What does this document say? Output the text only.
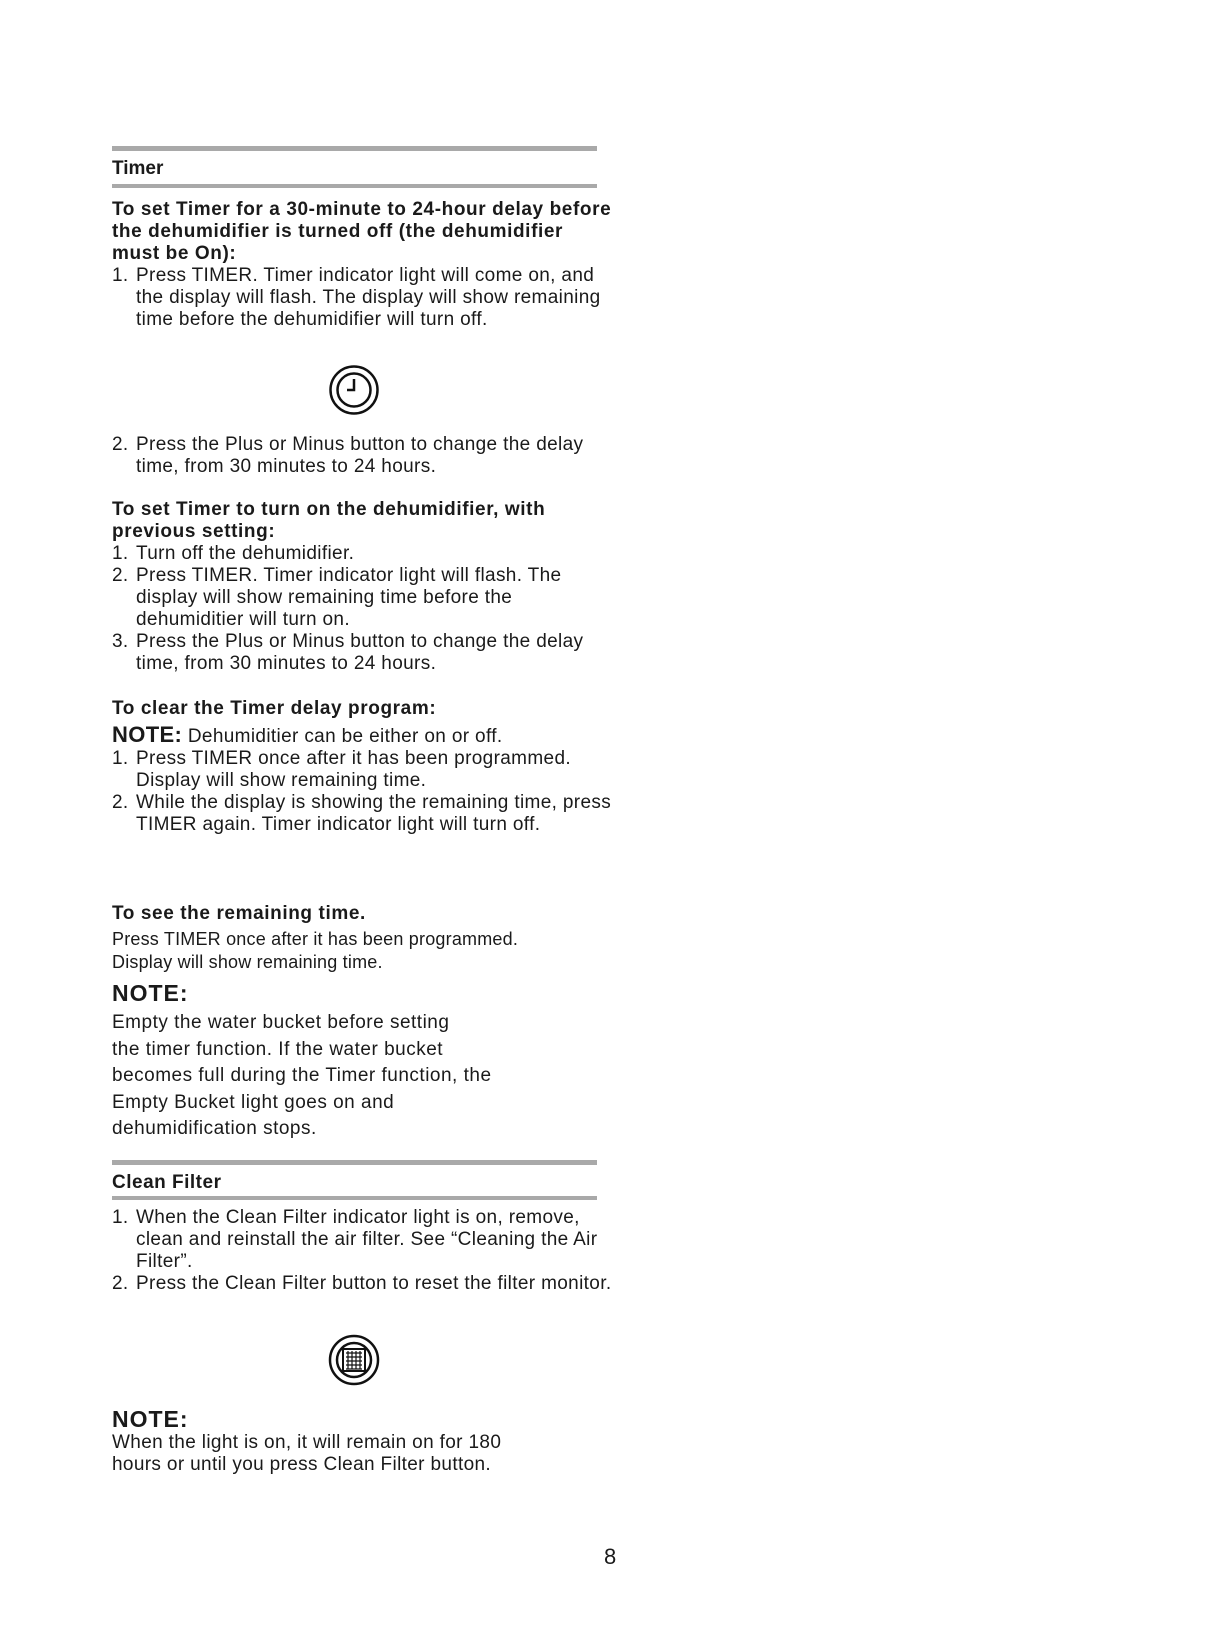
Timer
To set Timer for a 30-minute to 24-hour delay before the dehumidifier is turned off (the dehumidifier must be On):
1. Press TIMER. Timer indicator light will come on, and the display will flash. The display will show remaining time before the dehumidifier will turn off.
2. Press the Plus or Minus button to change the delay time, from 30 minutes to 24 hours.
To set Timer to turn on the dehumidifier, with previous setting:
1. Turn off the dehumidifier.
2. Press TIMER. Timer indicator light will flash. The display will show remaining time before the dehumiditier will turn on.
3. Press the Plus or Minus button to change the delay time, from 30 minutes to 24 hours.
To clear the Timer delay program:
NOTE: Dehumiditier can be either on or off.
1. Press TIMER once after it has been programmed. Display will show remaining time.
2. While the display is showing the remaining time, press TIMER again. Timer indicator light will turn off.
To see the remaining time.
Press TIMER once after it has been programmed.
Display will show remaining time.
NOTE:
Empty the water bucket before setting
the timer function. If the water bucket
becomes full during the Timer function, the
Empty Bucket light goes on and
dehumidification stops.
Clean Filter
1. When the Clean Filter indicator light is on, remove, clean and reinstall the air filter. See “Cleaning the Air Filter”.
2. Press the Clean Filter button to reset the filter monitor.
NOTE:
When the light is on, it will remain on for 180 hours or until you press Clean Filter button.
8
